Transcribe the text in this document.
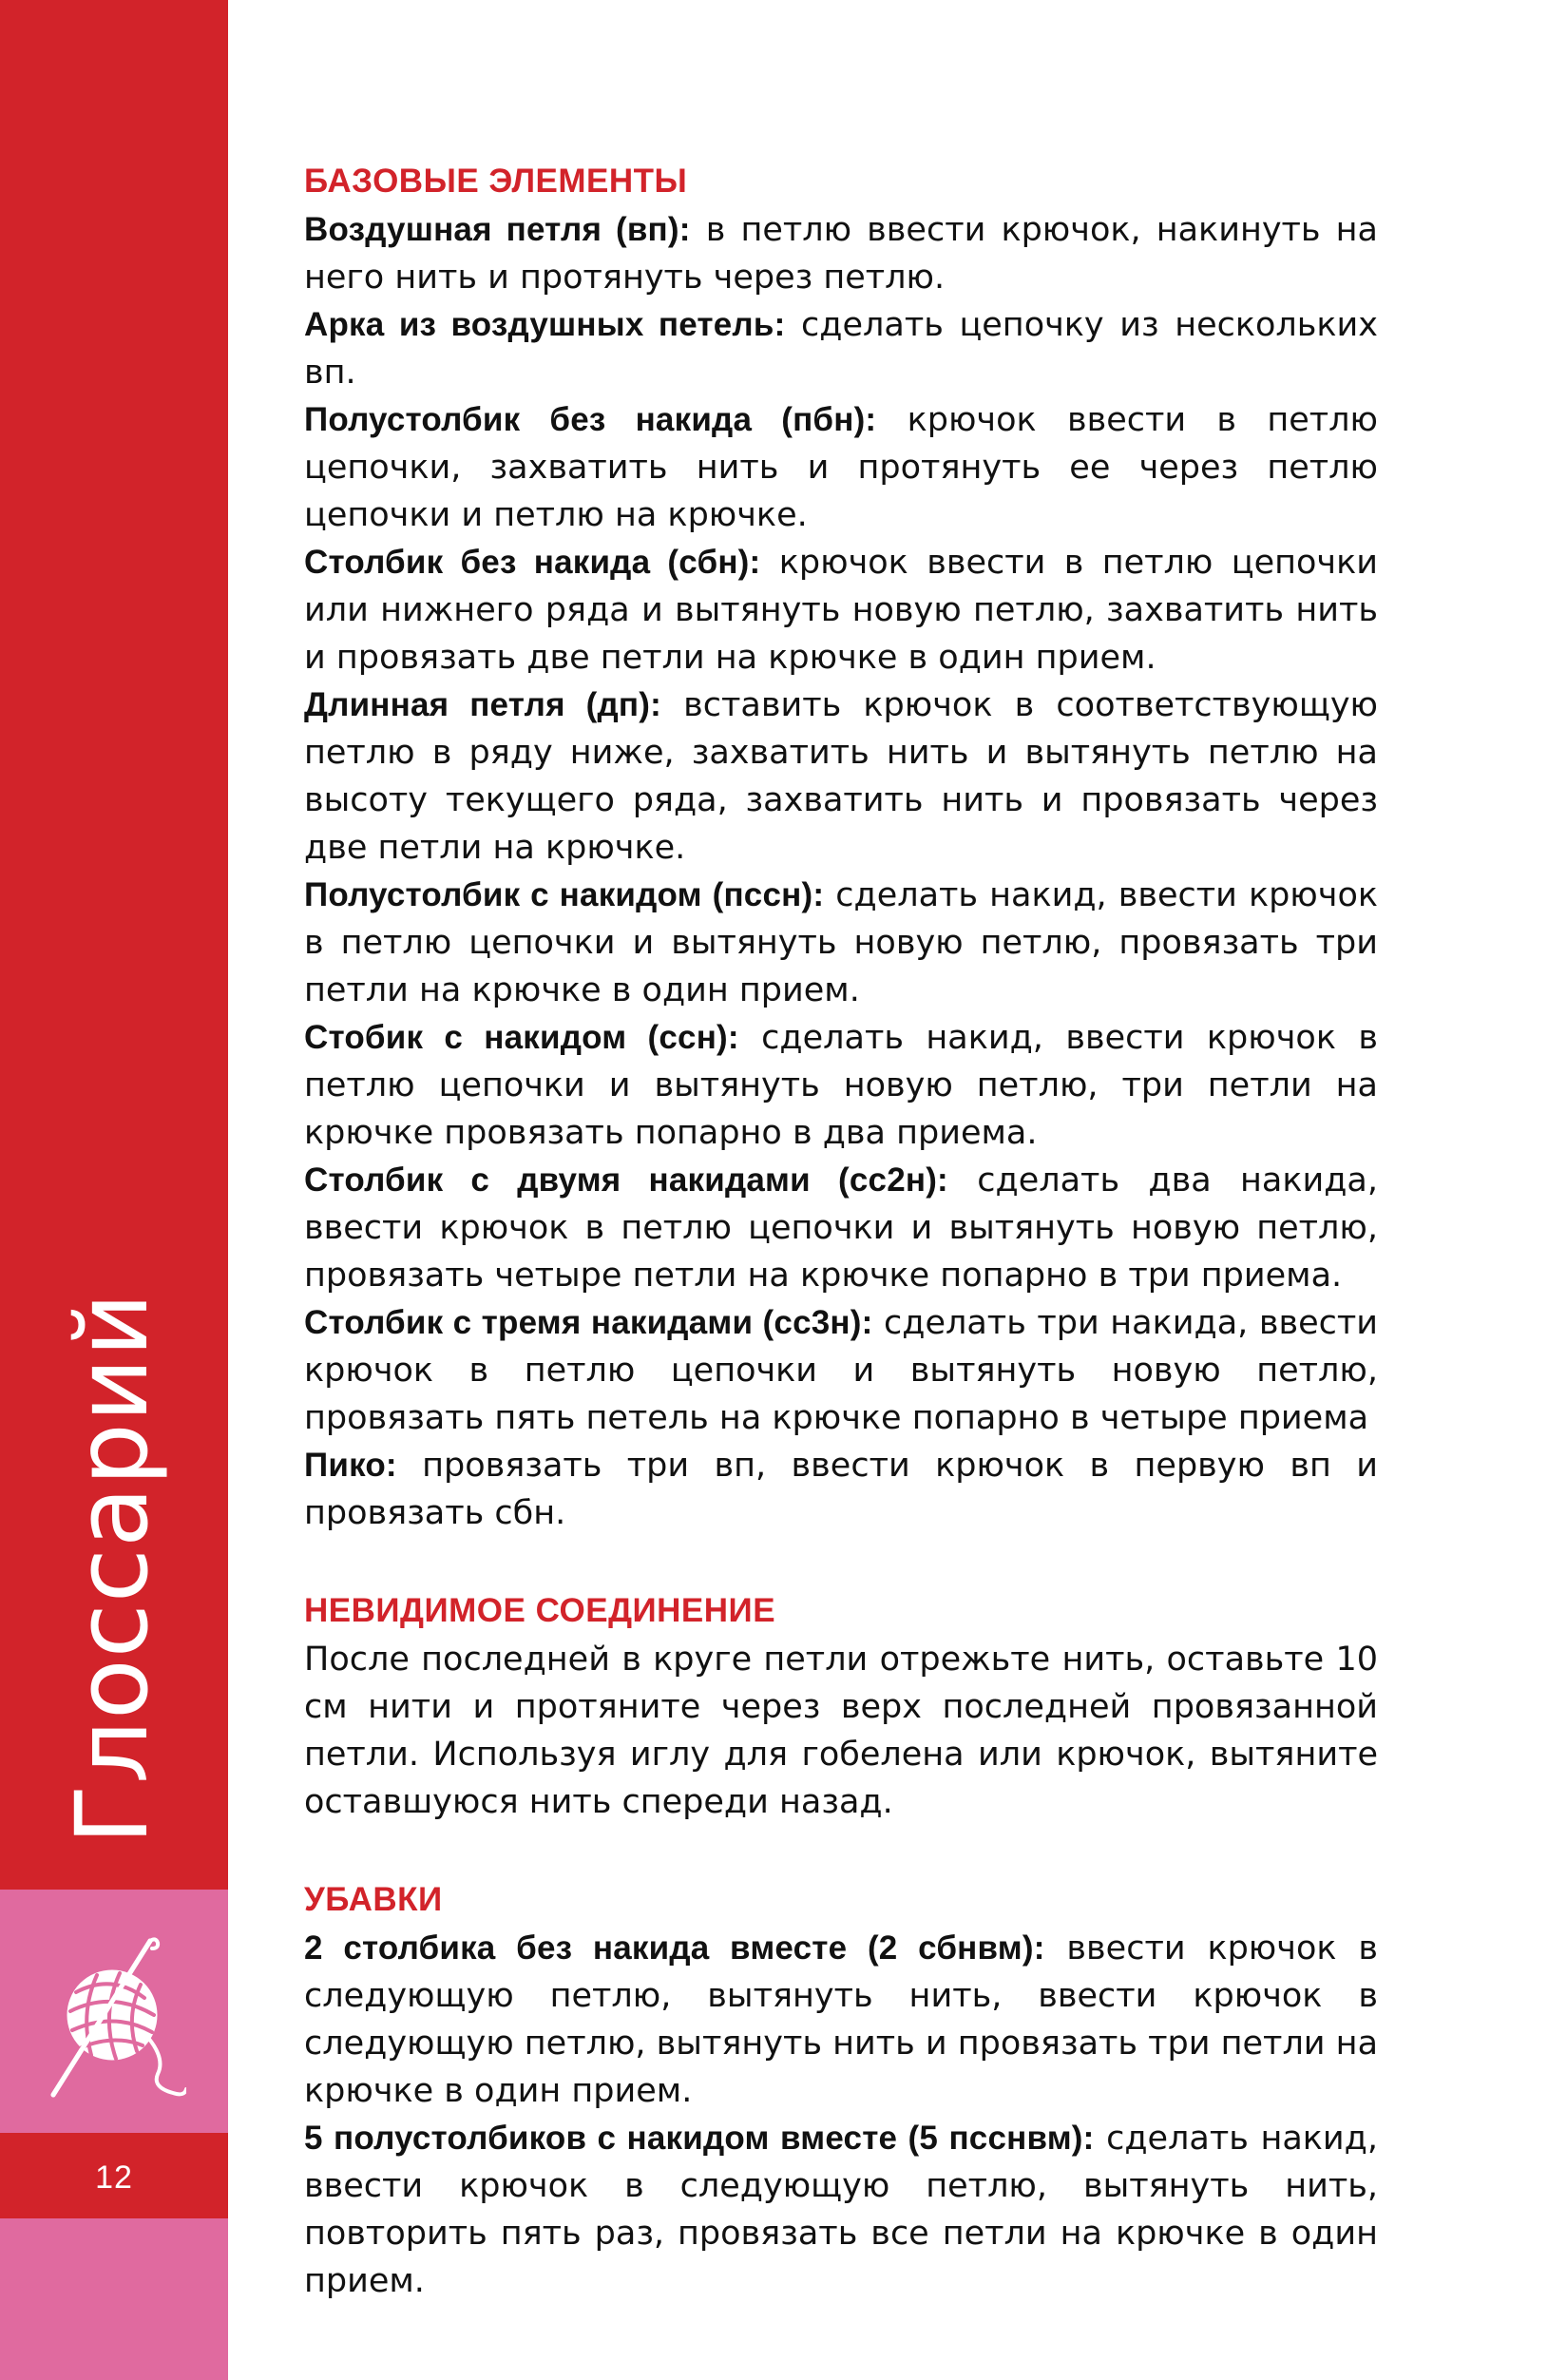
Глоссарий
12
БАЗОВЫЕ ЭЛЕМЕНТЫ

Воздушная петля (вп): в петлю ввести крючок, накинуть на него нить и протянуть через петлю.

Арка из воздушных петель: сделать цепочку из нескольких вп.

Полустолбик без накида (пбн): крючок ввести в петлю цепочки, захватить нить и протянуть ее через петлю цепочки и петлю на крючке.

Столбик без накида (сбн): крючок ввести в петлю цепочки или нижнего ряда и вытянуть новую петлю, захватить нить и провязать две петли на крючке в один прием.

Длинная петля (дп): вставить крючок в соответствующую петлю в ряду ниже, захватить нить и вытянуть петлю на высоту текущего ряда, захватить нить и провязать через две петли на крючке.

Полустолбик с накидом (пссн): сделать накид, ввести крючок в петлю цепочки и вытянуть новую петлю, провязать три петли на крючке в один прием.

Стобик с накидом (ссн): сделать накид, ввести крючок в петлю цепочки и вытянуть новую петлю, три петли на крючке провязать попарно в два приема.

Столбик с двумя накидами (сс2н): сделать два накида, ввести крючок в петлю цепочки и вытянуть новую петлю, провязать четыре петли на крючке попарно в три приема.

Столбик с тремя накидами (сс3н): сделать три накида, ввести крючок в петлю цепочки и вытянуть новую петлю, провязать пять петель на крючке попарно в четыре приема

Пико: провязать три вп, ввести крючок в первую вп и провязать сбн.

НЕВИДИМОЕ СОЕДИНЕНИЕ

После последней в круге петли отрежьте нить, оставьте 10 см нити и протяните через верх последней провязанной петли. Используя иглу для гобелена или крючок, вытяните оставшуюся нить спереди назад.

УБАВКИ

2 столбика без накида вместе (2 сбнвм): ввести крючок в следующую петлю, вытянуть нить, ввести крючок в следующую петлю, вытянуть нить и провязать три петли на крючке в один прием.

5 полустолбиков с накидом вместе (5 псснвм): сделать накид, ввести крючок в следующую петлю, вытянуть нить, повторить пять раз, провязать все петли на крючке в один прием.
